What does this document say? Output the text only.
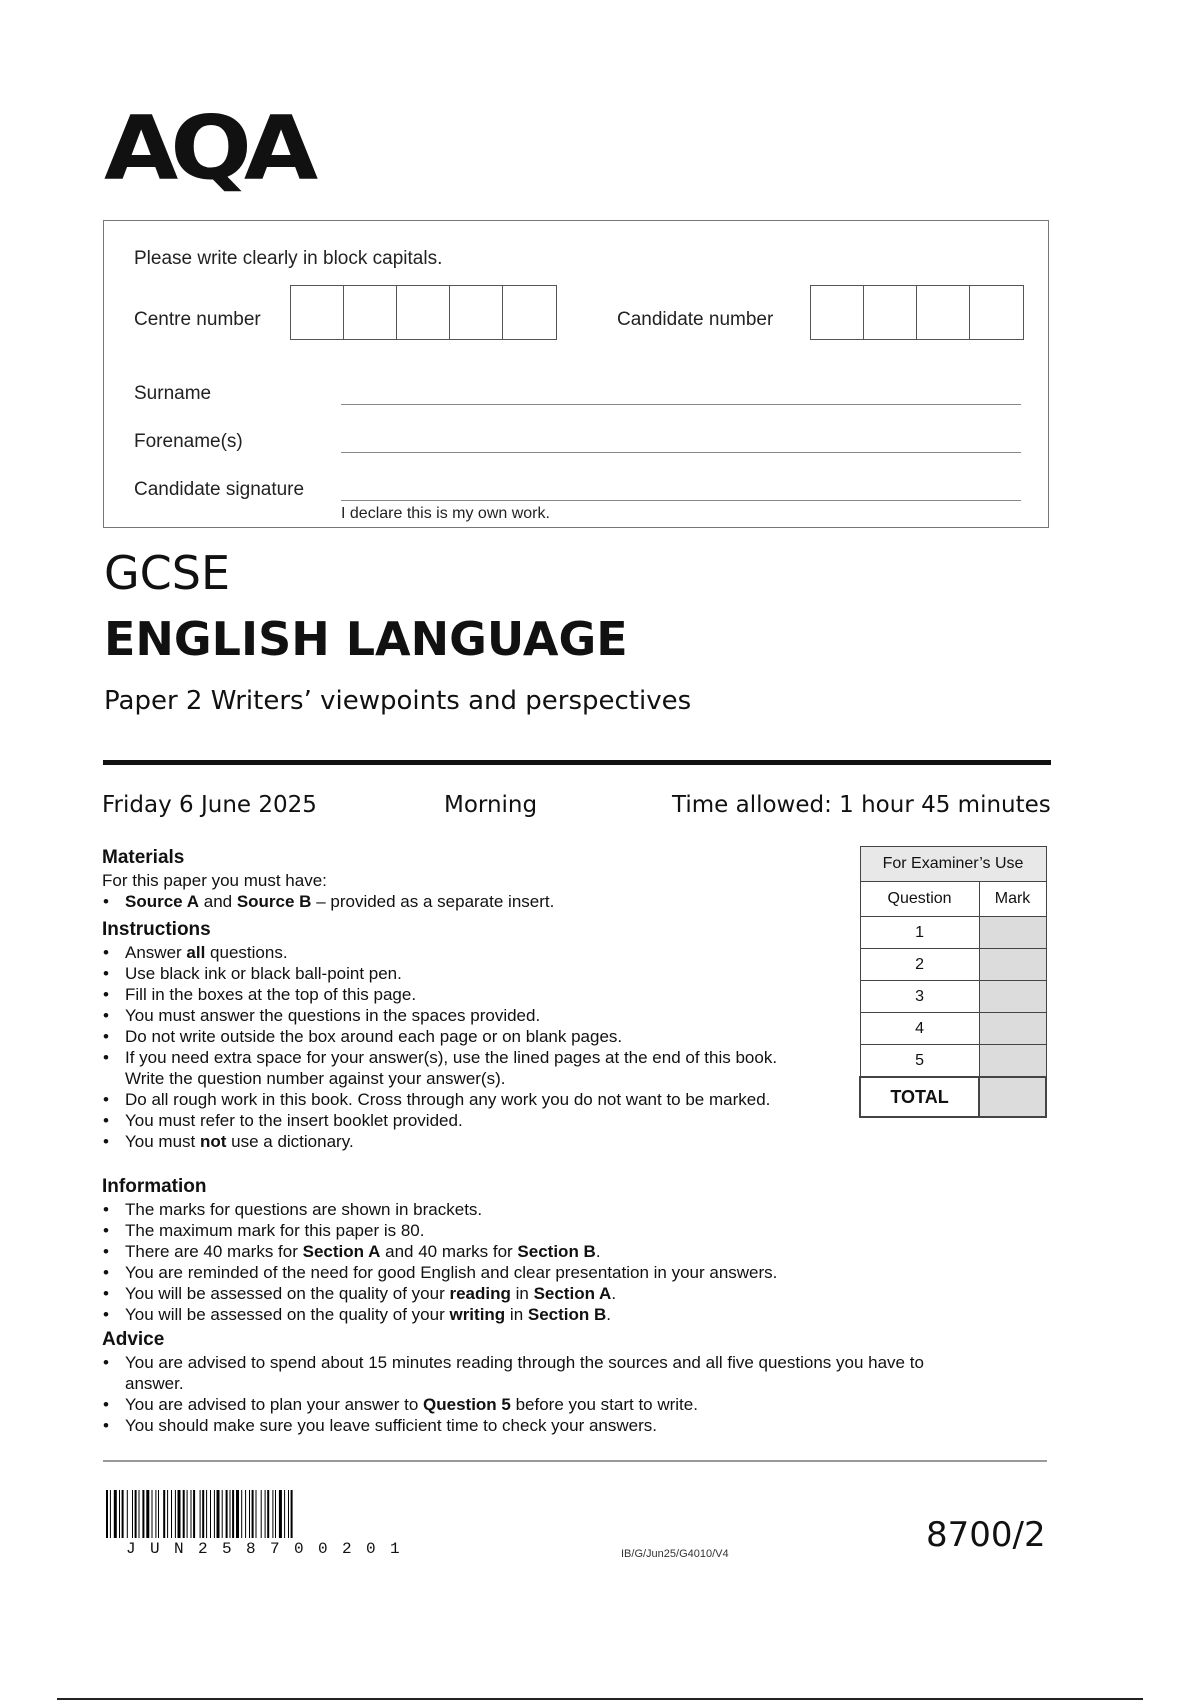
AQA
Please write clearly in block capitals.
Centre number	Candidate number
Surname
Forename(s)
Candidate signature
I declare this is my own work.
GCSE
ENGLISH LANGUAGE
Paper 2 Writers’ viewpoints and perspectives
Friday 6 June 2025	Morning	Time allowed: 1 hour 45 minutes
For Examiner’s Use	
Question	Mark
1	
2	
3	
4	
5	
TOTAL	
Materials

For this paper you must have:

• Source A and Source B – provided as a separate insert.
Instructions
• Answer all questions.
• Use black ink or black ball-point pen.
• Fill in the boxes at the top of this page.
• You must answer the questions in the spaces provided.
• Do not write outside the box around each page or on blank pages.
• If you need extra space for your answer(s), use the lined pages at the end of this book. Write the question number against your answer(s).
• Do all rough work in this book. Cross through any work you do not want to be marked.
• You must refer to the insert booklet provided.
• You must not use a dictionary.
Information
• The marks for questions are shown in brackets.
• The maximum mark for this paper is 80.
• There are 40 marks for Section A and 40 marks for Section B.
• You are reminded of the need for good English and clear presentation in your answers.
• You will be assessed on the quality of your reading in Section A.
• You will be assessed on the quality of your writing in Section B.
Advice
• You are advised to spend about 15 minutes reading through the sources and all five questions you have to answer.
• You are advised to plan your answer to Question 5 before you start to write.
• You should make sure you leave sufficient time to check your answers.
JUN258700201	IB/G/Jun25/G4010/V4	8700/2
